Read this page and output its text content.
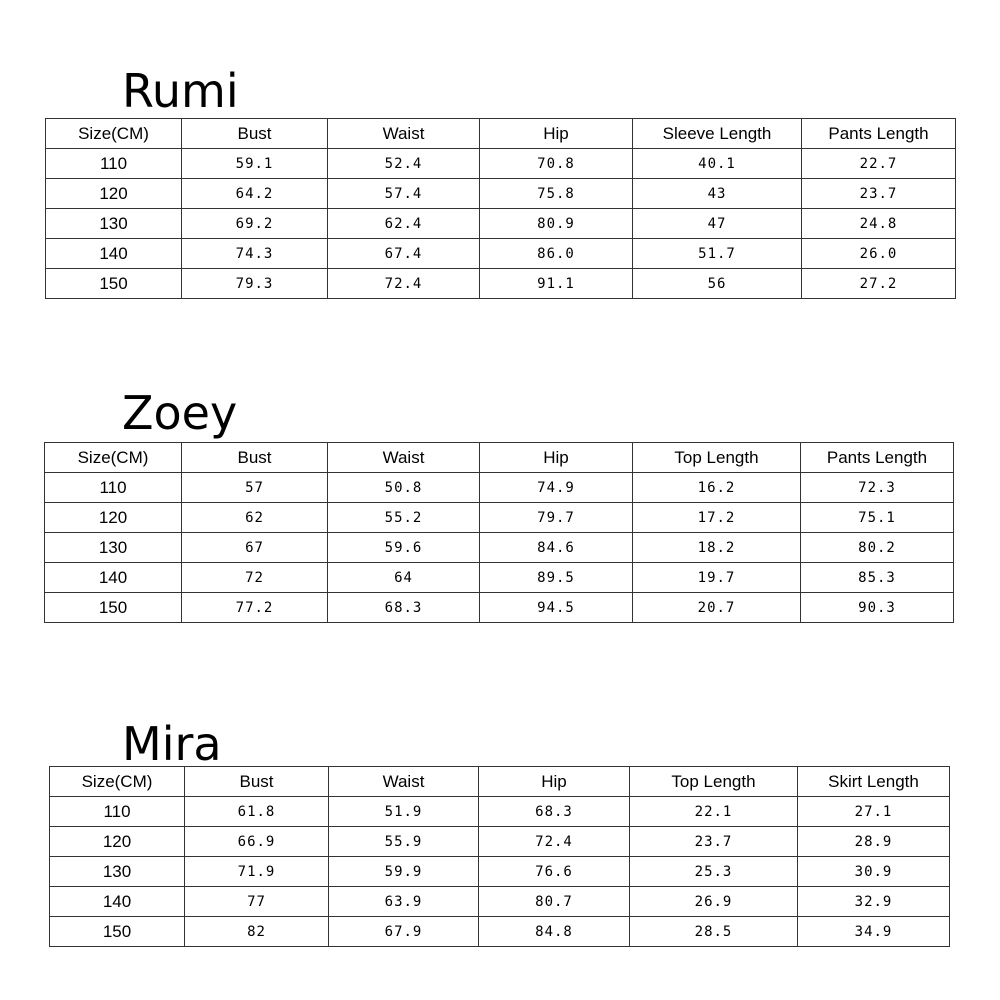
Rumi
Size(CM)	Bust	Waist	Hip	Sleeve Length	Pants Length
110	59.1	52.4	70.8	40.1	22.7
120	64.2	57.4	75.8	43	23.7
130	69.2	62.4	80.9	47	24.8
140	74.3	67.4	86.0	51.7	26.0
150	79.3	72.4	91.1	56	27.2
Zoey
Size(CM)	Bust	Waist	Hip	Top Length	Pants Length
110	57	50.8	74.9	16.2	72.3
120	62	55.2	79.7	17.2	75.1
130	67	59.6	84.6	18.2	80.2
140	72	64	89.5	19.7	85.3
150	77.2	68.3	94.5	20.7	90.3
Mira
Size(CM)	Bust	Waist	Hip	Top Length	Skirt Length
110	61.8	51.9	68.3	22.1	27.1
120	66.9	55.9	72.4	23.7	28.9
130	71.9	59.9	76.6	25.3	30.9
140	77	63.9	80.7	26.9	32.9
150	82	67.9	84.8	28.5	34.9
